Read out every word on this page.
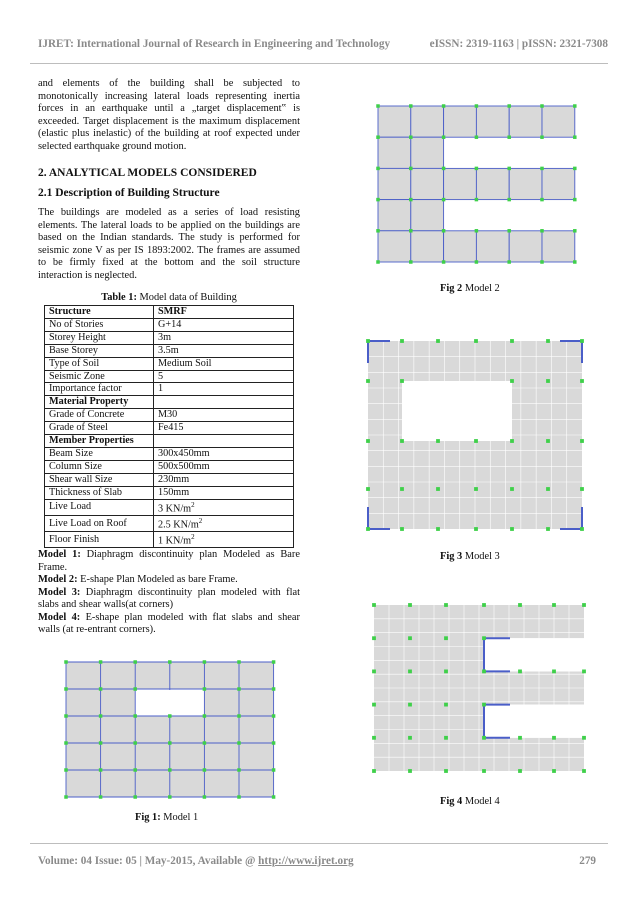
IJRET: International Journal of Research in Engineering and Technology	eISSN: 2319-1163 | pISSN: 2321-7308

and elements of the building shall be subjected to monotonically increasing lateral loads representing inertia forces in an earthquake until a „target displacement‟ is exceeded. Target displacement is the maximum displacement (elastic plus inelastic) of the building at roof expected under selected earthquake ground motion.

2. ANALYTICAL MODELS CONSIDERED
2.1 Description of Building Structure

The buildings are modeled as a series of load resisting elements. The lateral loads to be applied on the buildings are based on the Indian standards. The study is performed for seismic zone V as per IS 1893:2002. The frames are assumed to be firmly fixed at the bottom and the soil structure interaction is neglected.

Table 1: Model data of Building
Structure	SMRF
No of Stories	G+14
Storey Height	3m
Base Storey	3.5m
Type of Soil	Medium Soil
Seismic Zone	5
Importance factor	1
Material Property	
Grade of Concrete	M30
Grade of Steel	Fe415
Member Properties	
Beam Size	300x450mm
Column Size	500x500mm
Shear wall Size	230mm
Thickness of Slab	150mm
Live Load	3 $KN/m^2$
Live Load on Roof	2.5 $KN/m^2$
Floor Finish	1 $KN/m^2$

Model 1: Diaphragm discontinuity plan Modeled as Bare Frame.

Model 2: E-shape Plan Modeled as bare Frame.

Model 3: Diaphragm discontinuity plan modeled with flat slabs and shear walls(at corners)

Model 4: E-shape plan modeled with flat slabs and shear walls (at re-entrant corners).

Fig 1: Model 1
Fig 2 Model 2
Fig 3 Model 3
Fig 4 Model 4
Volume: 04 Issue: 05 | May-2015, Available @ http://www.ijret.org	279
